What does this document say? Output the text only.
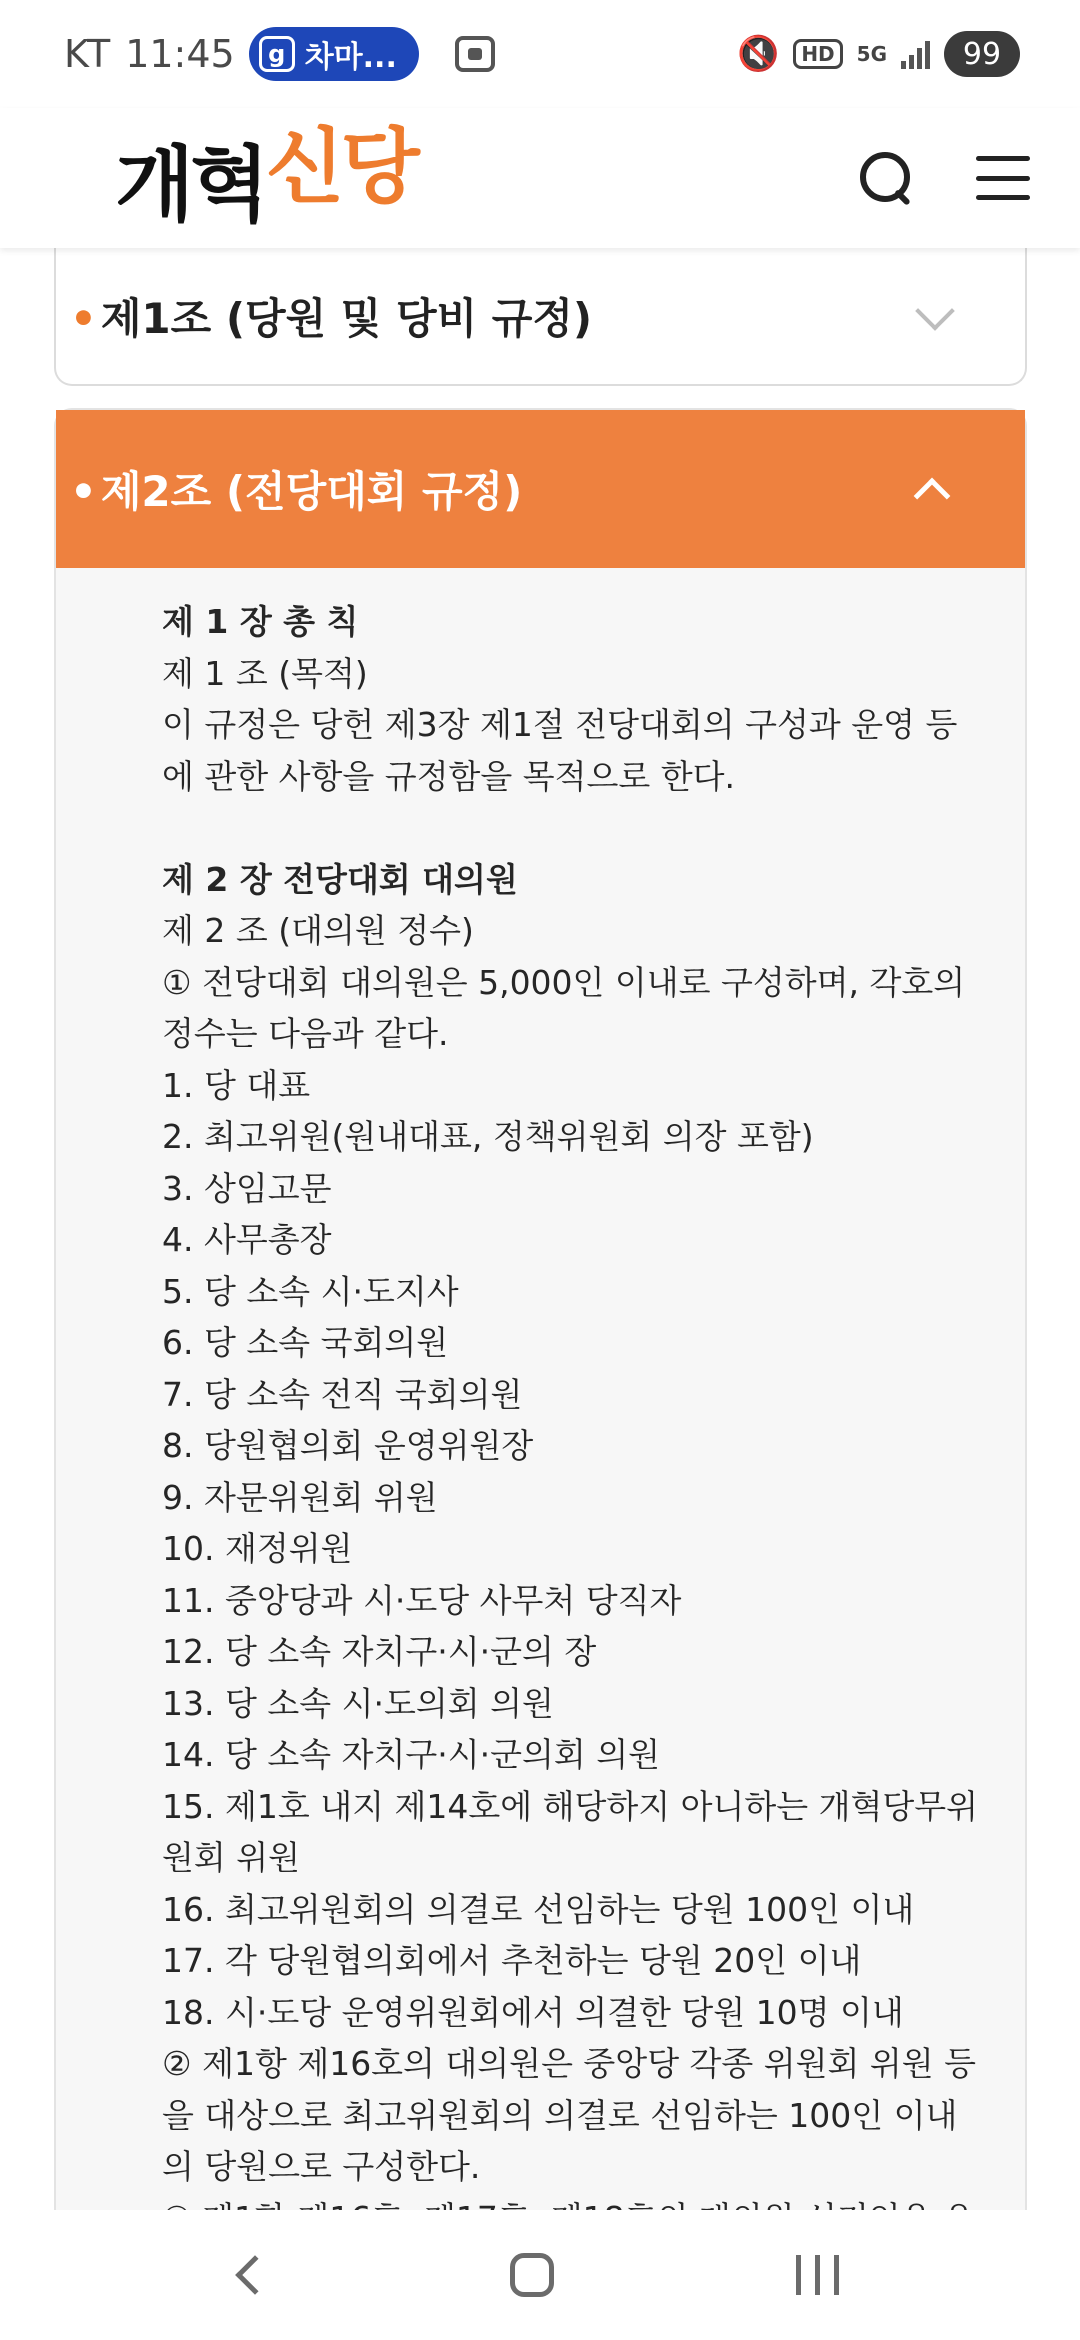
KT 11:45	g 차마...	🔇	HD	5G	99
개혁 신당
•제1조 (당원 및 당비 규정)
•제2조 (전당대회 규정)
제 1 장 총 칙
제 1 조 (목적)
이 규정은 당헌 제3장 제1절 전당대회의 구성과 운영 등
에 관한 사항을 규정함을 목적으로 한다.
제 2 장 전당대회 대의원
제 2 조 (대의원 정수)
① 전당대회 대의원은 5,000인 이내로 구성하며, 각호의
정수는 다음과 같다.
1. 당 대표
2. 최고위원(원내대표, 정책위원회 의장 포함)
3. 상임고문
4. 사무총장
5. 당 소속 시·도지사
6. 당 소속 국회의원
7. 당 소속 전직 국회의원
8. 당원협의회 운영위원장
9. 자문위원회 위원
10. 재정위원
11. 중앙당과 시·도당 사무처 당직자
12. 당 소속 자치구·시·군의 장
13. 당 소속 시·도의회 의원
14. 당 소속 자치구·시·군의회 의원
15. 제1호 내지 제14호에 해당하지 아니하는 개혁당무위
원회 위원
16. 최고위원회의 의결로 선임하는 당원 100인 이내
17. 각 당원협의회에서 추천하는 당원 20인 이내
18. 시·도당 운영위원회에서 의결한 당원 10명 이내
② 제1항 제16호의 대의원은 중앙당 각종 위원회 위원 등
을 대상으로 최고위원회의 의결로 선임하는 100인 이내
의 당원으로 구성한다.
